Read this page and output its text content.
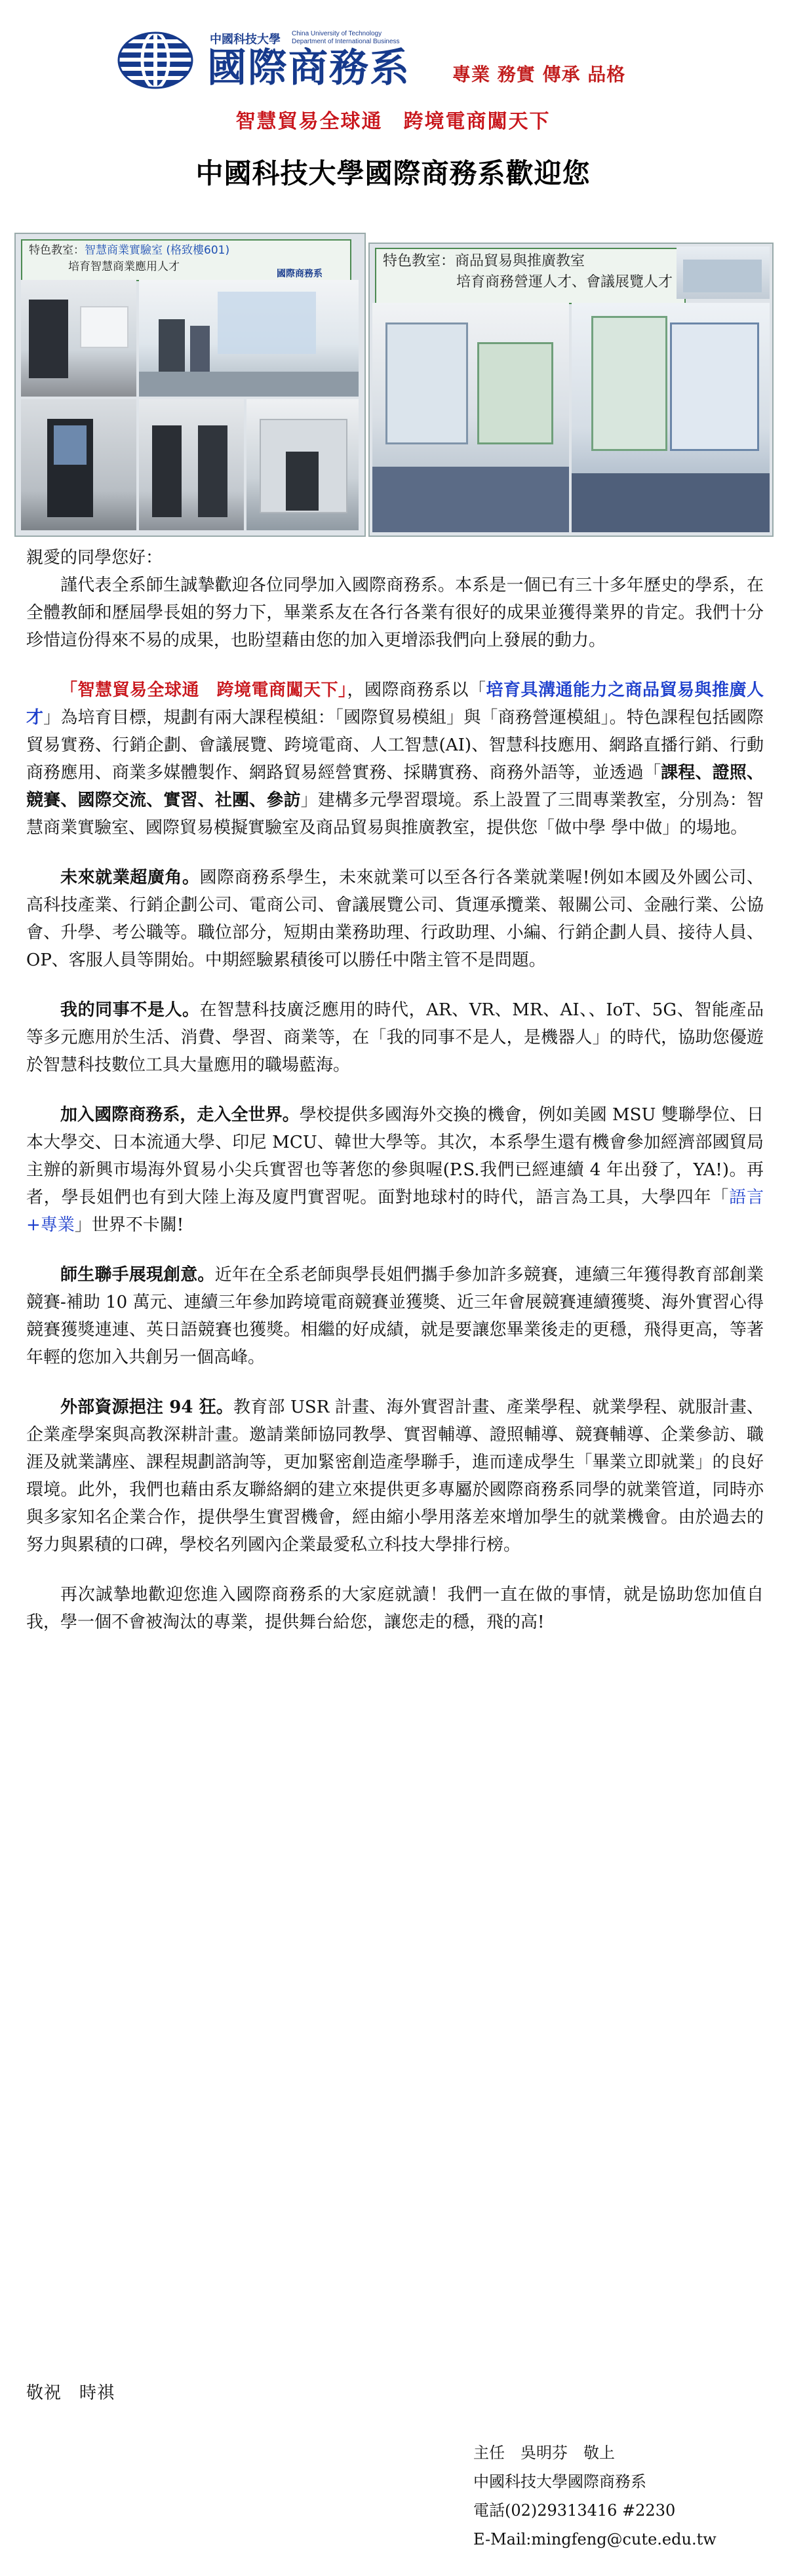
中國科技大學 China University of Technology
Department of International Business
國際商務系 專業 務實 傳承 品格
智慧貿易全球通　跨境電商闖天下
中國科技大學國際商務系歡迎您
特色教室：智慧商業實驗室 (格致樓601)
培育智慧商業應用人才
國際商務系
特色教室：商品貿易與推廣教室
培育商務營運人才、會議展覽人才

親愛的同學您好：

謹代表全系師生誠摯歡迎各位同學加入國際商務系。本系是一個已有三十多年歷史的學系，在全體教師和歷屆學長姐的努力下，畢業系友在各行各業有很好的成果並獲得業界的肯定。我們十分珍惜這份得來不易的成果，也盼望藉由您的加入更增添我們向上發展的動力。

「智慧貿易全球通　跨境電商闖天下」，國際商務系以「培育具溝通能力之商品貿易與推廣人才」為培育目標，規劃有兩大課程模組：「國際貿易模組」與「商務營運模組」。特色課程包括國際貿易實務、行銷企劃、會議展覽、跨境電商、人工智慧(AI)、智慧科技應用、網路直播行銷、行動商務應用、商業多媒體製作、網路貿易經營實務、採購實務、商務外語等，並透過「課程、證照、競賽、國際交流、實習、社團、參訪」建構多元學習環境。系上設置了三間專業教室，分別為：智慧商業實驗室、國際貿易模擬實驗室及商品貿易與推廣教室，提供您「做中學 學中做」的場地。

未來就業超廣角。國際商務系學生，未來就業可以至各行各業就業喔!例如本國及外國公司、高科技產業、行銷企劃公司、電商公司、會議展覽公司、貨運承攬業、報關公司、金融行業、公協會、升學、考公職等。職位部分，短期由業務助理、行政助理、小編、行銷企劃人員、接待人員、OP、客服人員等開始。中期經驗累積後可以勝任中階主管不是問題。

我的同事不是人。在智慧科技廣泛應用的時代，AR、VR、MR、AI、、IoT、5G、智能產品等多元應用於生活、消費、學習、商業等，在「我的同事不是人，是機器人」的時代，協助您優遊於智慧科技數位工具大量應用的職場藍海。

加入國際商務系，走入全世界。學校提供多國海外交換的機會，例如美國 MSU 雙聯學位、日本大學交、日本流通大學、印尼 MCU、韓世大學等。其次，本系學生還有機會參加經濟部國貿局主辦的新興市場海外貿易小尖兵實習也等著您的參與喔(P.S.我們已經連續 4 年出發了，YA!)。再者，學長姐們也有到大陸上海及廈門實習呢。面對地球村的時代，語言為工具，大學四年「語言+專業」世界不卡關!

師生聯手展現創意。近年在全系老師與學長姐們攜手參加許多競賽，連續三年獲得教育部創業競賽-補助 10 萬元、連續三年參加跨境電商競賽並獲獎、近三年會展競賽連續獲獎、海外實習心得競賽獲獎連連、英日語競賽也獲獎。相繼的好成績，就是要讓您畢業後走的更穩，飛得更高，等著年輕的您加入共創另一個高峰。

外部資源挹注 94 狂。教育部 USR 計畫、海外實習計畫、產業學程、就業學程、就服計畫、企業產學案與高教深耕計畫。邀請業師協同教學、實習輔導、證照輔導、競賽輔導、企業參訪、職涯及就業講座、課程規劃諮詢等，更加緊密創造產學聯手，進而達成學生「畢業立即就業」的良好環境。此外，我們也藉由系友聯絡網的建立來提供更多專屬於國際商務系同學的就業管道，同時亦與多家知名企業合作，提供學生實習機會，經由縮小學用落差來增加學生的就業機會。由於過去的努力與累積的口碑，學校名列國內企業最愛私立科技大學排行榜。

再次誠摯地歡迎您進入國際商務系的大家庭就讀！我們一直在做的事情，就是協助您加值自我，學一個不會被淘汰的專業，提供舞台給您，讓您走的穩，飛的高!

敬祝　時祺
主任　吳明芬　敬上
中國科技大學國際商務系
電話(02)29313416 #2230
E-Mail:mingfeng@cute.edu.tw
